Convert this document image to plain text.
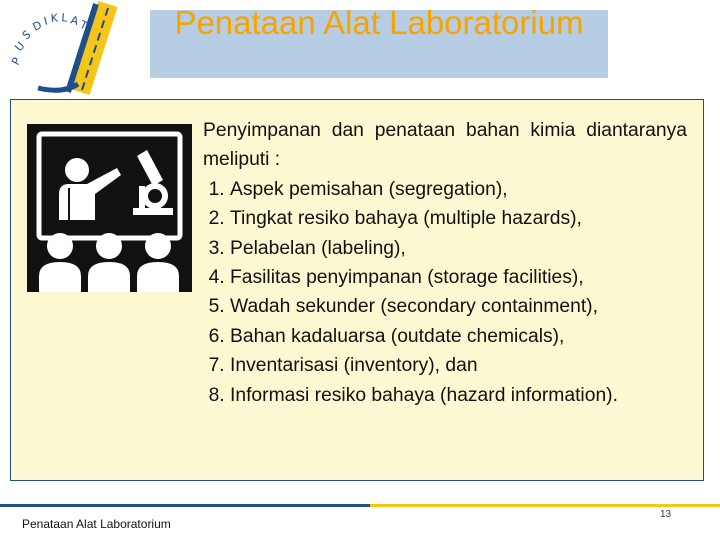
P
U
S
D
I K L A
T	Penataan Alat Laboratorium
Penyimpanan dan penataan bahan kimia diantaranya meliputi :
1. Aspek pemisahan (segregation),
2. Tingkat resiko bahaya (multiple hazards),
3. Pelabelan (labeling),
4. Fasilitas penyimpanan (storage facilities),
5. Wadah sekunder (secondary containment),
6. Bahan kadaluarsa (outdate chemicals),
7. Inventarisasi (inventory), dan
8. Informasi resiko bahaya (hazard information).
Penataan Alat Laboratorium
13
